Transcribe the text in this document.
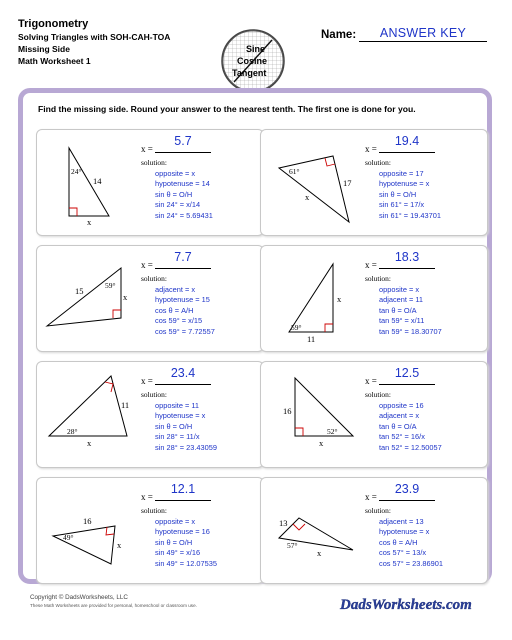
Trigonometry
Solving Triangles with SOH-CAH-TOA
Missing Side
Math Worksheet 1
Sine
Cosine
Tangent
Name:	ANSWER KEY
Find the missing side. Round your answer to the nearest tenth. The first one is done for you.
24°
14
x
x =
5.7
solution:
opposite = x
hypotenuse = 14
sin θ = O/H
sin 24° = x/14
sin 24° = 5.69431
61°
17
x
x =
19.4
solution:
opposite = 17
hypotenuse = x
sin θ = O/H
sin 61° = 17/x
sin 61° = 19.43701
59°
15
x
x =
7.7
solution:
adjacent = x
hypotenuse = 15
cos θ = A/H
cos 59° = x/15
cos 59° = 7.72557	59°
11
x
x =
18.3
solution:
opposite = x
adjacent = 11
tan θ = O/A
tan 59° = x/11
tan 59° = 18.30707
28°
11
x
x =
23.4
solution:
opposite = 11
hypotenuse = x
sin θ = O/H
sin 28° = 11/x
sin 28° = 23.43059
52°
16
x
x =
12.5
solution:
opposite = 16
adjacent = x
tan θ = O/A
tan 52° = 16/x
tan 52° = 12.50057
49°
16
x
x =
12.1
solution:
opposite = x
hypotenuse = 16
sin θ = O/H
sin 49° = x/16
sin 49° = 12.07535
57°
13
x
x =
23.9
solution:
adjacent = 13
hypotenuse = x
cos θ = A/H
cos 57° = 13/x
cos 57° = 23.86901
Copyright © DadsWorksheets, LLC
These Math Worksheets are provided for personal, homeschool or classroom use.	DadsWorksheets.com
